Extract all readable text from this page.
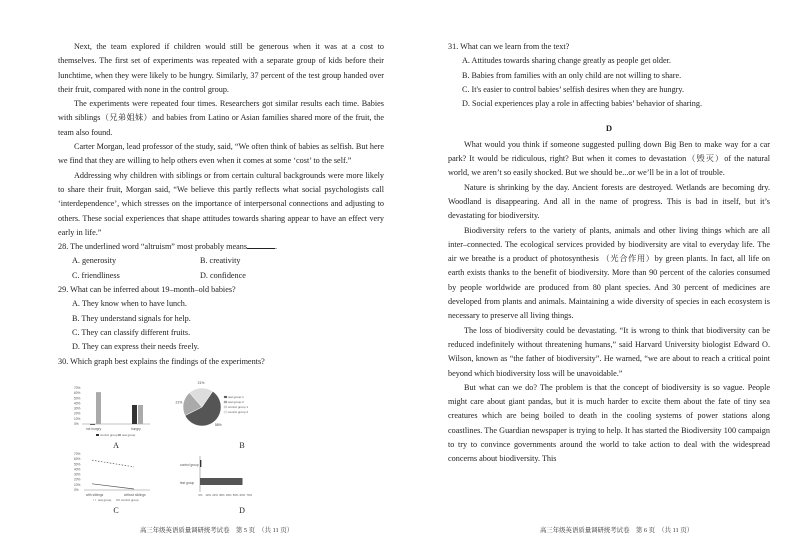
Next, the team explored if children would still be generous when it was at a cost to themselves. The first set of experiments was repeated with a separate group of kids before their lunchtime, when they were likely to be hungry. Similarly, 37 percent of the test group handed over their fruit, compared with none in the control group.

The experiments were repeated four times. Researchers got similar results each time. Babies with siblings（兄弟姐妹）and babies from Latino or Asian families shared more of the fruit, the team also found.

Carter Morgan, lead professor of the study, said, “We often think of babies as selfish. But here we find that they are willing to help others even when it comes at some ‘cost’ to the self.”

Addressing why children with siblings or from certain cultural backgrounds were more likely to share their fruit, Morgan said, “We believe this partly reflects what social psychologists call ‘interdependence’, which stresses on the importance of interpersonal connections and adjusting to others. These social experiences that shape attitudes towards sharing appear to have an effect very early in life.”

28. The underlined word “altruism” most probably means	.
A. generosity	B. creativity
C. friendliness	D. confidence
29. What can be inferred about 19–month–old babies?
A. They know when to have lunch.
B. They understand signals for help.
C. They can classify different fruits.
D. They can express their needs freely.
30. Which graph best explains the findings of the experiments?
70%
60%
50%
40%
30%
20%
10%
0%
not hungry	hungry
control group test group
A
58%
21%
21%
test group 1
test group 2
control group 1
control group 2
B
70%
60%
50%
40%
30%
20%
10%
0%
with siblings	without siblings
test group	control group
C
control group
test group
0% 10% 20% 30% 40% 50% 60% 70%
D
高三年级英语质量调研统考试卷　第 5 页　（共 11 页）
31. What can we learn from the text?
A. Attitudes towards sharing change greatly as people get older.
B. Babies from families with an only child are not willing to share.
C. It's easier to control babies’ selfish desires when they are hungry.
D. Social experiences play a role in affecting babies’ behavior of sharing.
D

What would you think if someone suggested pulling down Big Ben to make way for a car park? It would be ridiculous, right? But when it comes to devastation（毁灭）of the natural world, we aren’t so easily shocked. But we should be...or we’ll be in a lot of trouble.

Nature is shrinking by the day. Ancient forests are destroyed. Wetlands are becoming dry. Woodland is disappearing. And all in the name of progress. This is bad in itself, but it’s devastating for biodiversity.

Biodiversity refers to the variety of plants, animals and other living things which are all inter–connected. The ecological services provided by biodiversity are vital to everyday life. The air we breathe is a product of photosynthesis （光合作用）by green plants. In fact, all life on earth exists thanks to the benefit of biodiversity. More than 90 percent of the calories consumed by people worldwide are produced from 80 plant species. And 30 percent of medicines are developed from plants and animals. Maintaining a wide diversity of species in each ecosystem is necessary to preserve all living things.

The loss of biodiversity could be devastating. “It is wrong to think that biodiversity can be reduced indefinitely without threatening humans,” said Harvard University biologist Edward O. Wilson, known as “the father of biodiversity”. He warned, “we are about to reach a critical point beyond which biodiversity loss will be unavoidable.”

But what can we do? The problem is that the concept of biodiversity is so vague. People might care about giant pandas, but it is much harder to excite them about the fate of tiny sea creatures which are being boiled to death in the cooling systems of power stations along coastlines. The Guardian newspaper is trying to help. It has started the Biodiversity 100 campaign to try to convince governments around the world to take action to deal with the widespread concerns about biodiversity. This

高三年级英语质量调研统考试卷　第 6 页　（共 11 页）
